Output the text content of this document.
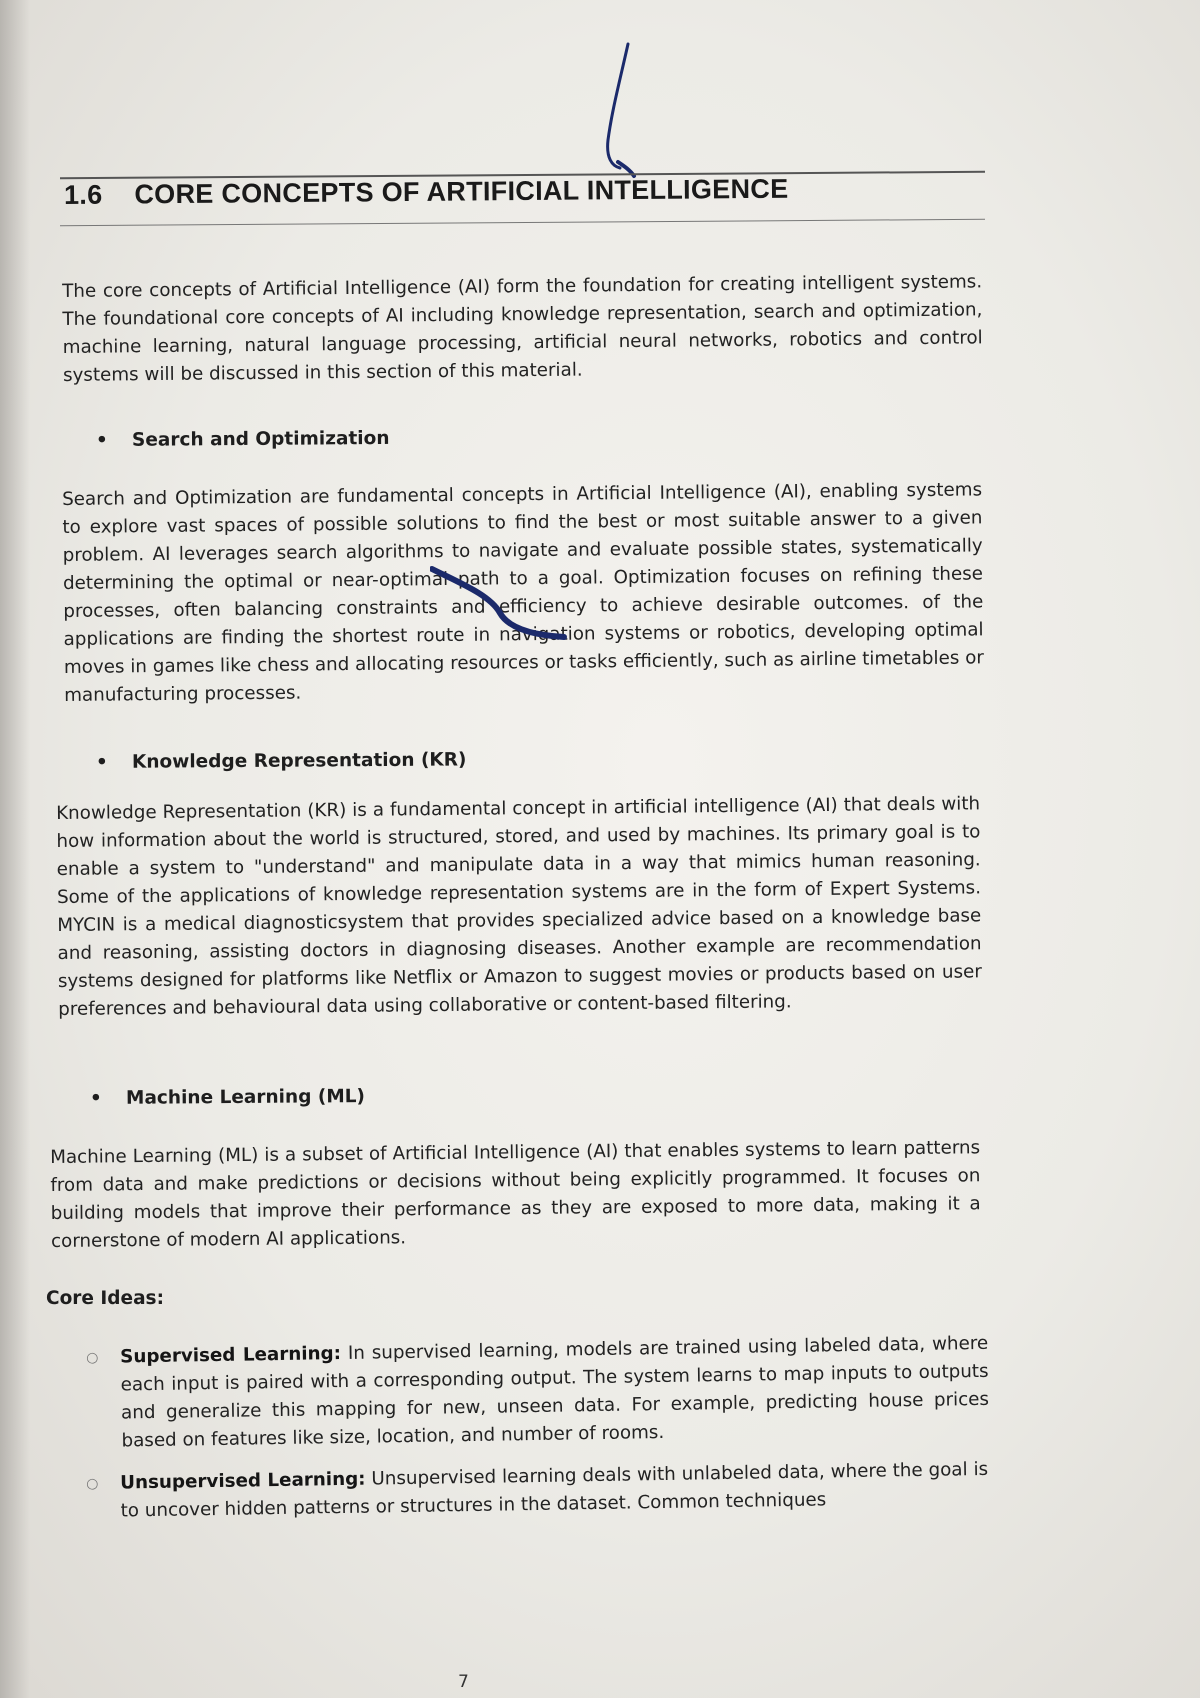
1.6 CORE CONCEPTS OF ARTIFICIAL INTELLIGENCE

The core concepts of Artificial Intelligence (AI) form the foundation for creating intelligent systems. The foundational core concepts of AI including knowledge representation, search and optimization, machine learning, natural language processing, artificial neural networks, robotics and control systems will be discussed in this section of this material.

• Search and Optimization

Search and Optimization are fundamental concepts in Artificial Intelligence (AI), enabling systems to explore vast spaces of possible solutions to find the best or most suitable answer to a given problem. AI leverages search algorithms to navigate and evaluate possible states, systematically determining the optimal or near-optimal path to a goal. Optimization focuses on refining these processes, often balancing constraints and efficiency to achieve desirable outcomes. of the applications are finding the shortest route in navigation systems or robotics, developing optimal moves in games like chess and allocating resources or tasks efficiently, such as airline timetables or manufacturing processes.

• Knowledge Representation (KR)

Knowledge Representation (KR) is a fundamental concept in artificial intelligence (AI) that deals with how information about the world is structured, stored, and used by machines. Its primary goal is to enable a system to "understand" and manipulate data in a way that mimics human reasoning. Some of the applications of knowledge representation systems are in the form of Expert Systems. MYCIN is a medical diagnosticsystem that provides specialized advice based on a knowledge base and reasoning, assisting doctors in diagnosing diseases. Another example are recommendation systems designed for platforms like Netflix or Amazon to suggest movies or products based on user preferences and behavioural data using collaborative or content-based filtering.

• Machine Learning (ML)

Machine Learning (ML) is a subset of Artificial Intelligence (AI) that enables systems to learn patterns from data and make predictions or decisions without being explicitly programmed. It focuses on building models that improve their performance as they are exposed to more data, making it a cornerstone of modern AI applications.

Core Ideas:
○	Supervised Learning: In supervised learning, models are trained using labeled data, where each input is paired with a corresponding output. The system learns to map inputs to outputs and generalize this mapping for new, unseen data. For example, predicting house prices based on features like size, location, and number of rooms.
○	Unsupervised Learning: Unsupervised learning deals with unlabeled data, where the goal is to uncover hidden patterns or structures in the dataset. Common techniques
7
